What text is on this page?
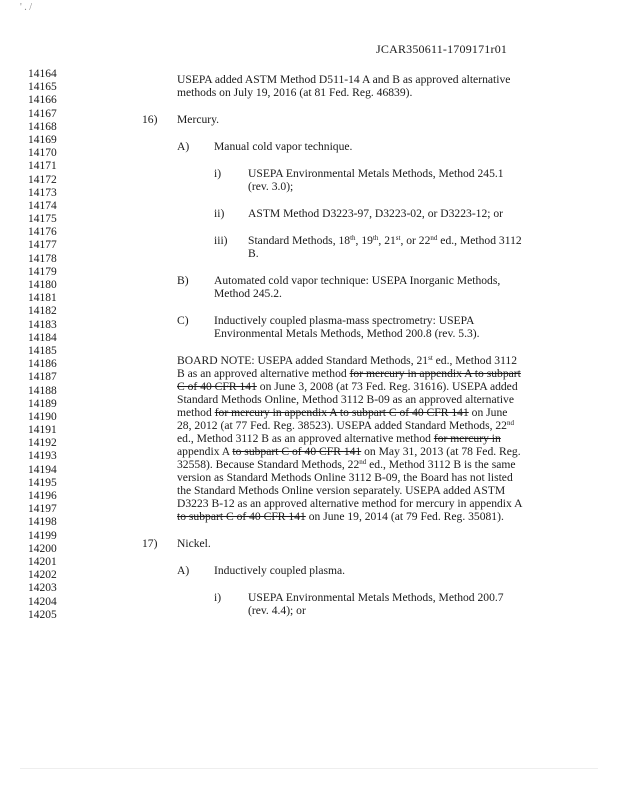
' . /
JCAR350611-1709171r01
14164
14165
14166
14167
14168
14169
14170
14171
14172
14173
14174
14175
14176
14177
14178
14179
14180
14181
14182
14183
14184
14185
14186
14187
14188
14189
14190
14191
14192
14193
14194
14195
14196
14197
14198
14199
14200
14201
14202
14203
14204
14205
USEPA added ASTM Method D511-14 A and B as approved alternative
methods on July 19, 2016 (at 81 Fed. Reg. 46839).
16) Mercury.
A) Manual cold vapor technique.
i) USEPA Environmental Metals Methods, Method 245.1
(rev. 3.0);
ii) ASTM Method D3223-97, D3223-02, or D3223-12; or
iii) Standard Methods, 18th, 19th, 21st, or 22nd ed., Method 3112
B.
B) Automated cold vapor technique: USEPA Inorganic Methods,
Method 245.2.
C) Inductively coupled plasma-mass spectrometry: USEPA
Environmental Metals Methods, Method 200.8 (rev. 5.3).
BOARD NOTE: USEPA added Standard Methods, 21st ed., Method 3112
B as an approved alternative method for mercury in appendix A to subpart
C of 40 CFR 141 on June 3, 2008 (at 73 Fed. Reg. 31616). USEPA added
Standard Methods Online, Method 3112 B-09 as an approved alternative
method for mercury in appendix A to subpart C of 40 CFR 141 on June
28, 2012 (at 77 Fed. Reg. 38523). USEPA added Standard Methods, 22nd
ed., Method 3112 B as an approved alternative method for mercury in
appendix A to subpart C of 40 CFR 141 on May 31, 2013 (at 78 Fed. Reg.
32558). Because Standard Methods, 22nd ed., Method 3112 B is the same
version as Standard Methods Online 3112 B-09, the Board has not listed
the Standard Methods Online version separately. USEPA added ASTM
D3223 B-12 as an approved alternative method for mercury in appendix A
to subpart C of 40 CFR 141 on June 19, 2014 (at 79 Fed. Reg. 35081).
17) Nickel.
A) Inductively coupled plasma.
i) USEPA Environmental Metals Methods, Method 200.7
(rev. 4.4); or
